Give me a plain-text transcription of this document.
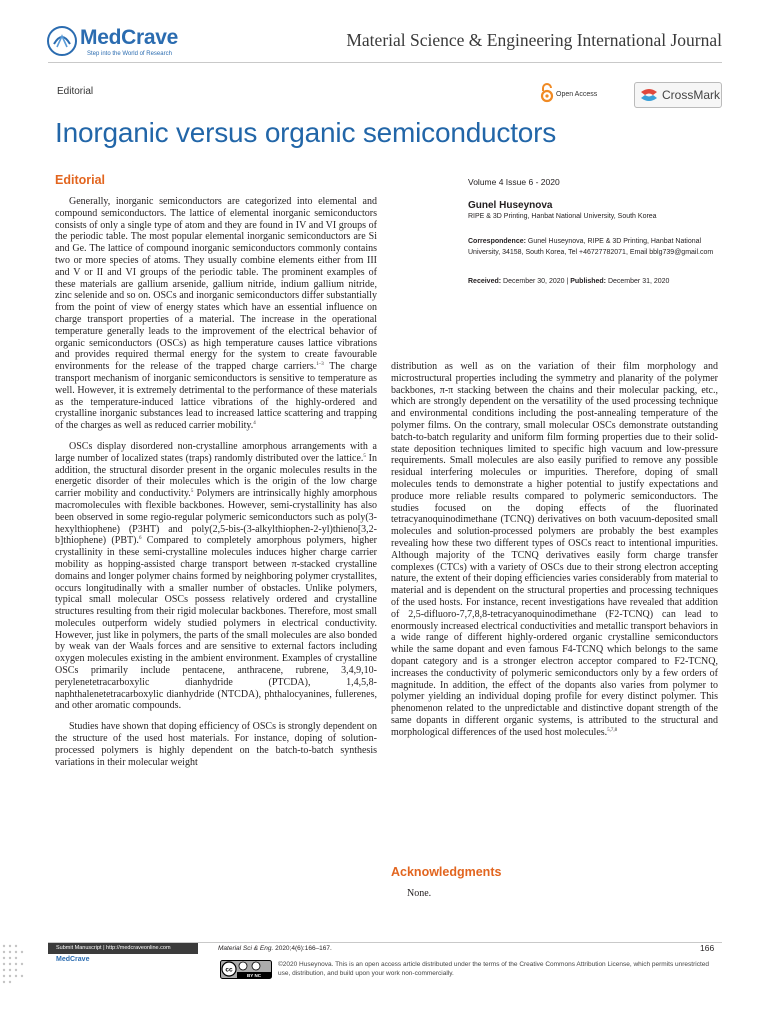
MedCrave
Step into the World of Research
Material Science & Engineering International Journal
Editorial	Open Access	CrossMark
Inorganic versus organic semiconductors
Editorial	Volume 4 Issue 6 - 2020
Gunel Huseynova
RIPE & 3D Printing, Hanbat National University, South Korea
Correspondence: Gunel Huseynova, RIPE & 3D Printing, Hanbat National University, 34158, South Korea, Tel +46727782071, Email bblg739@gmail.com
Received: December 30, 2020 | Published: December 31, 2020

Generally, inorganic semiconductors are categorized into elemental and compound semiconductors. The lattice of elemental inorganic semiconductors consists of only a single type of atom and they are found in IV and VI groups of the periodic table. The most popular elemental inorganic semiconductors are Si and Ge. The lattice of compound inorganic semiconductors commonly contains two or more species of atoms. They usually combine elements either from III and V or II and VI groups of the periodic table. The prominent examples of these materials are gallium arsenide, gallium nitride, indium gallium nitride, zinc selenide and so on. OSCs and inorganic semiconductors differ substantially from the point of view of energy states which have an essential influence on charge transport properties of a material. The increase in the operational temperature generally leads to the improvement of the electrical behavior of organic semiconductors (OSCs) as high temperature causes lattice vibrations and provides required thermal energy for the system to create favourable environments for the release of the trapped charge carriers.$^{1-3}$ The charge transport mechanism of inorganic semiconductors is sensitive to temperature as well. However, it is extremely detrimental to the performance of these materials as the temperature-induced lattice vibrations of the highly-ordered and crystalline inorganic substances lead to increased lattice scattering and trapping of the charges as well as reduced carrier mobility.$^4$

OSCs display disordered non-crystalline amorphous arrangements with a large number of localized states (traps) randomly distributed over the lattice.$^5$ In addition, the structural disorder present in the organic molecules results in the energetic disorder of their molecules which is the origin of the low charge carrier mobility and conductivity.$^5$ Polymers are intrinsically highly amorphous macromolecules with flexible backbones. However, semi-crystallinity has also been observed in some regio-regular polymeric semiconductors such as poly(3-hexylthiophene) (P3HT) and poly(2,5-bis-(3-alkylthiophen-2-yl)thieno[3,2-b]thiophene) (PBT).$^6$ Compared to completely amorphous polymers, higher crystallinity in these semi-crystalline molecules induces higher charge carrier mobility as hopping-assisted charge transport between π-stacked crystalline domains and longer polymer chains formed by neighboring polymer crystallites, occurs longitudinally with a smaller number of obstacles. Unlike polymers, typical small molecular OSCs possess relatively ordered and crystalline structures resulting from their rigid molecular backbones. Therefore, most small molecules outperform widely studied polymers in electrical conductivity. However, just like in polymers, the parts of the small molecules are also bonded by weak van der Waals forces and are sensitive to external factors including oxygen molecules existing in the ambient environment. Examples of crystalline OSCs primarily include pentacene, anthracene, rubrene, 3,4,9,10-perylenetetracarboxylic dianhydride (PTCDA), 1,4,5,8-naphthalenetetracarboxylic dianhydride (NTCDA), phthalocyanines, fullerenes, and other aromatic compounds.

Studies have shown that doping efficiency of OSCs is strongly dependent on the structure of the used host materials. For instance, doping of solution-processed polymers is highly dependent on the batch-to-batch synthesis variations in their molecular weight

distribution as well as on the variation of their film morphology and microstructural properties including the symmetry and planarity of the polymer backbones, π-π stacking between the chains and their molecular packing, etc., which are strongly dependent on the versatility of the used processing technique and environmental conditions including the post-annealing temperature of the polymer films. On the contrary, small molecular OSCs demonstrate outstanding batch-to-batch regularity and uniform film forming properties due to their solid-state deposition techniques limited to specific high vacuum and low-pressure requirements. Small molecules are also easily purified to remove any possible residual interfering molecules or impurities. Therefore, doping of small molecules tends to demonstrate a higher potential to justify expectations and produce more reliable results compared to polymeric semiconductors. The studies focused on the doping effects of the fluorinated tetracyanoquinodimethane (TCNQ) derivatives on both vacuum-deposited small molecules and solution-processed polymers are probably the best examples revealing how these two different types of OSCs react to intentional impurities. Although majority of the TCNQ derivatives easily form charge transfer complexes (CTCs) with a variety of OSCs due to their strong electron accepting nature, the extent of their doping efficiencies varies considerably from material to material and is dependent on the structural properties and processing techniques of the used hosts. For instance, recent investigations have revealed that addition of 2,5-difluoro-7,7,8,8-tetracyanoquinodimethane (F2-TCNQ) can lead to enormously increased electrical conductivities and metallic transport behaviors in a wide range of different highly-ordered organic crystalline semiconductors while the same dopant and even famous F4-TCNQ which belongs to the same dopant category and is a stronger electron acceptor compared to F2-TCNQ, increases the conductivity of polymeric semiconductors only by a few orders of magnitude. In addition, the effect of the dopants also varies from polymer to polymer yielding an individual doping profile for every distinct polymer. This phenomenon related to the unpredictable and distinctive dopant strength of the same dopants in different organic systems, is attributed to the structural and morphological differences of the used host molecules.$^{5,7,8}$

Acknowledgments
None.
Submit Manuscript | http://medcraveonline.com
MedCrave
Material Sci & Eng. 2020;4(6):166‒167.	166
cc
BY NC
©2020 Huseynova. This is an open access article distributed under the terms of the Creative Commons Attribution License, which permits unrestricted use, distribution, and build upon your work non-commercially.
